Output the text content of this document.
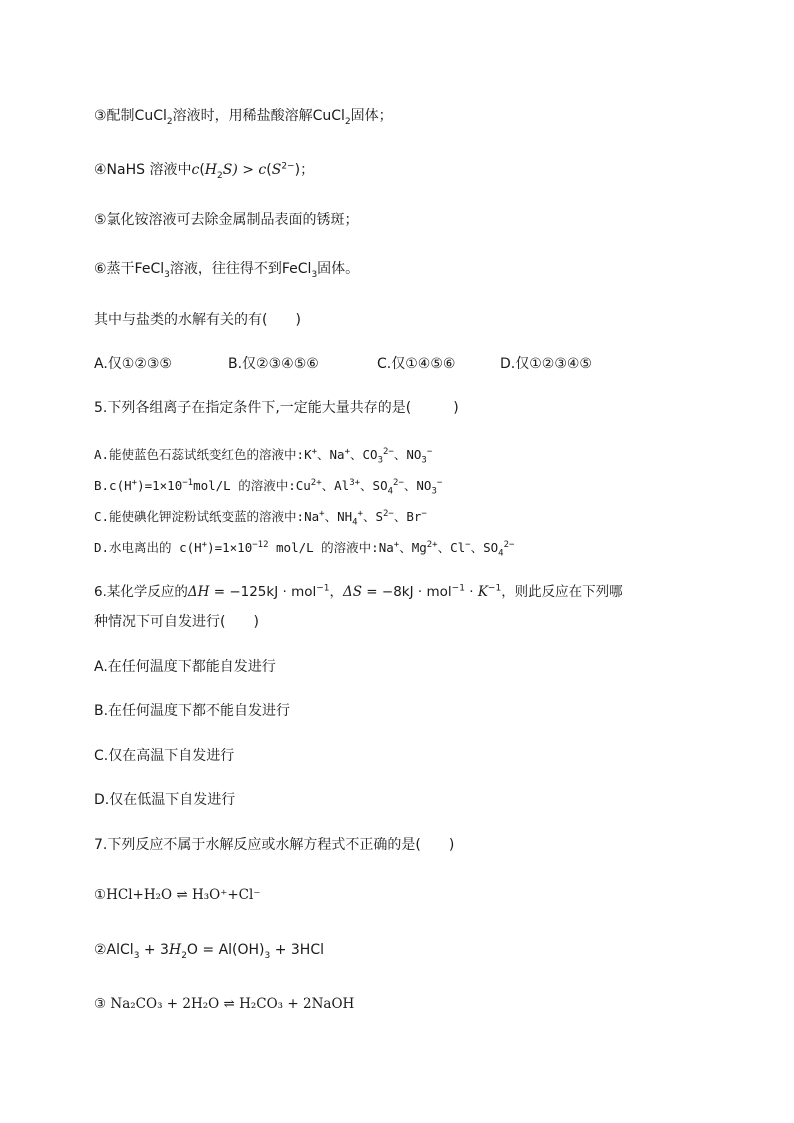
③配制CuCl$_2$溶液时，用稀盐酸溶解CuCl$_2$固体；
④NaHS 溶液中$c(H_2S) > c(S^{2-})$；
⑤氯化铵溶液可去除金属制品表面的锈斑；
⑥蒸干FeCl$_3$溶液，往往得不到FeCl$_3$固体。
其中与盐类的水解有关的有(　　)
A.仅①②③⑤	B.仅②③④⑤⑥	C.仅①④⑤⑥	D.仅①②③④⑤
5.下列各组离子在指定条件下,一定能大量共存的是(　　　)
A.能使蓝色石蕊试纸变红色的溶液中:K+、Na+、$CO_3^{2-}$、$NO_3^-$
$B.c(H^+)=1\times 10^{-1}mol/L$ 的溶液中$:Cu^{2+}$、$Al^{3+}$、$SO_4^{2-}$、$NO_3^-$
C.能使碘化钾淀粉试纸变蓝的溶液中:Na+、$NH_4^+$、$S^{2-}$、Br−
D.水电离出的 $c(H^+)=1\times 10^{-12}$ mol/L 的溶液中:Na+、$Mg^{2+}$、Cl−、$SO_4^{2-}$
6.某化学反应的ΔH = −125kJ · mol$^{-1}$，$\Delta S = -8kJ \cdot mol^{-1} \cdot K^{-1}$，则此反应在下列哪
种情况下可自发进行(　　)
A.在任何温度下都能自发进行
B.在任何温度下都不能自发进行
C.仅在高温下自发进行
D.仅在低温下自发进行
7.下列反应不属于水解反应或水解方程式不正确的是(　　)
①HCl+H₂O ⇌ H₃O⁺+Cl⁻
②AlCl$_3$ + $3H_2O = Al(OH)_3 + 3HCl$
③ Na₂CO₃ + 2H₂O ⇌ H₂CO₃ + 2NaOH
